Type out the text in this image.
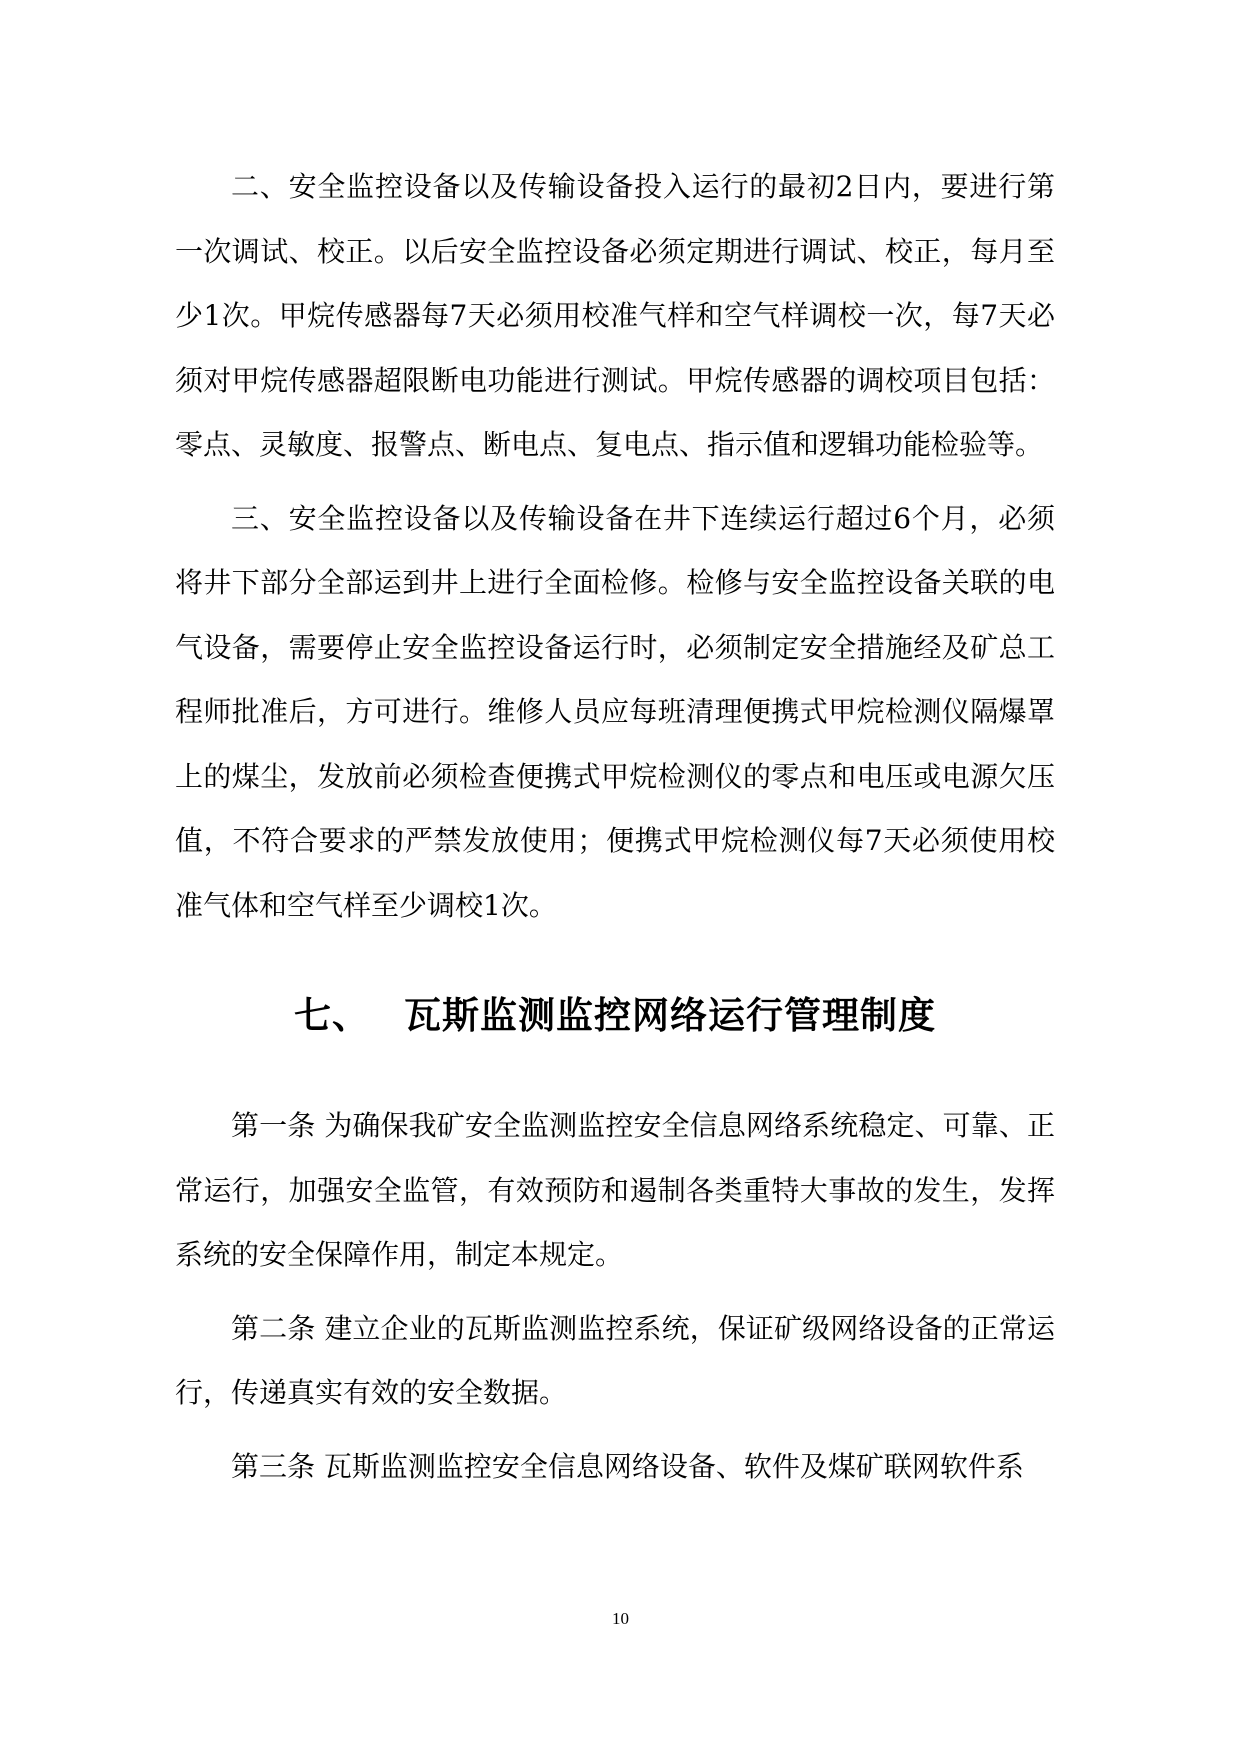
二、安全监控设备以及传输设备投入运行的最初2日内，要进行第一次调试、校正。以后安全监控设备必须定期进行调试、校正，每月至少1次。甲烷传感器每7天必须用校准气样和空气样调校一次，每7天必须对甲烷传感器超限断电功能进行测试。甲烷传感器的调校项目包括：零点、灵敏度、报警点、断电点、复电点、指示值和逻辑功能检验等。

三、安全监控设备以及传输设备在井下连续运行超过6个月，必须将井下部分全部运到井上进行全面检修。检修与安全监控设备关联的电气设备，需要停止安全监控设备运行时，必须制定安全措施经及矿总工程师批准后，方可进行。维修人员应每班清理便携式甲烷检测仪隔爆罩上的煤尘，发放前必须检查便携式甲烷检测仪的零点和电压或电源欠压值，不符合要求的严禁发放使用；便携式甲烷检测仪每7天必须使用校准气体和空气样至少调校1次。

七、 瓦斯监测监控网络运行管理制度

第一条 为确保我矿安全监测监控安全信息网络系统稳定、可靠、正常运行，加强安全监管，有效预防和遏制各类重特大事故的发生，发挥系统的安全保障作用，制定本规定。

第二条 建立企业的瓦斯监测监控系统，保证矿级网络设备的正常运行，传递真实有效的安全数据。

第三条 瓦斯监测监控安全信息网络设备、软件及煤矿联网软件系

10
